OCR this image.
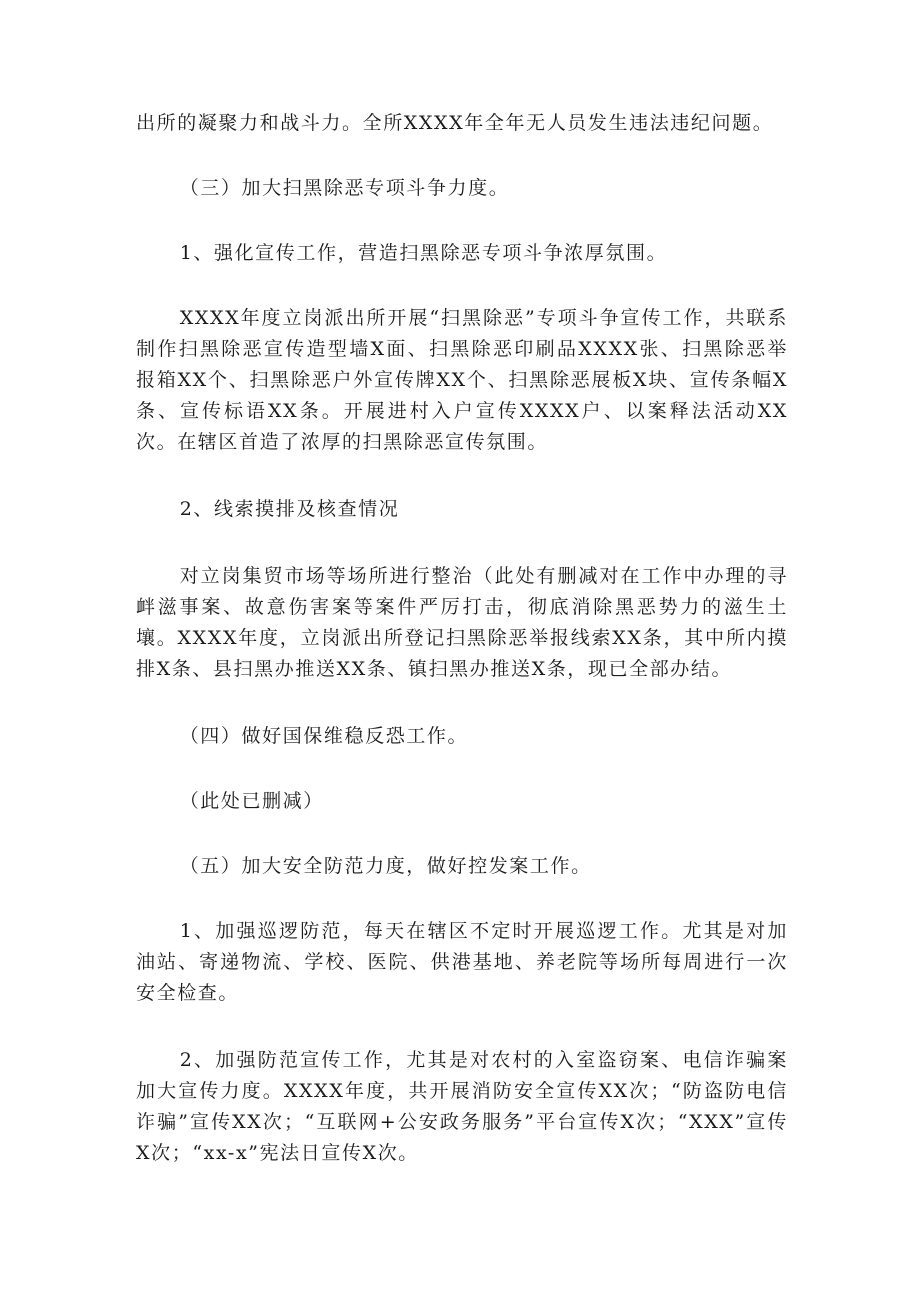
出所的凝聚力和战斗力。全所XXXX年全年无人员发生违法违纪问题。

（三）加大扫黑除恶专项斗争力度。

1、强化宣传工作，营造扫黑除恶专项斗争浓厚氛围。

XXXX年度立岗派出所开展“扫黑除恶”专项斗争宣传工作，共联系制作扫黑除恶宣传造型墙X面、扫黑除恶印刷品XXXX张、扫黑除恶举报箱XX个、扫黑除恶户外宣传牌XX个、扫黑除恶展板X块、宣传条幅X条、宣传标语XX条。开展进村入户宣传XXXX户、以案释法活动XX次。在辖区首造了浓厚的扫黑除恶宣传氛围。

2、线索摸排及核查情况

对立岗集贸市场等场所进行整治（此处有删减对在工作中办理的寻衅滋事案、故意伤害案等案件严厉打击，彻底消除黑恶势力的滋生土壤。XXXX年度，立岗派出所登记扫黑除恶举报线索XX条，其中所内摸排X条、县扫黑办推送XX条、镇扫黑办推送X条，现已全部办结。

（四）做好国保维稳反恐工作。

（此处已删减）

（五）加大安全防范力度，做好控发案工作。

1、加强巡逻防范，每天在辖区不定时开展巡逻工作。尤其是对加油站、寄递物流、学校、医院、供港基地、养老院等场所每周进行一次安全检查。

2、加强防范宣传工作，尤其是对农村的入室盗窃案、电信诈骗案加大宣传力度。XXXX年度，共开展消防安全宣传XX次；“防盗防电信诈骗”宣传XX次；“互联网+公安政务服务”平台宣传X次；“XXX”宣传X次；“xx-x”宪法日宣传X次。
